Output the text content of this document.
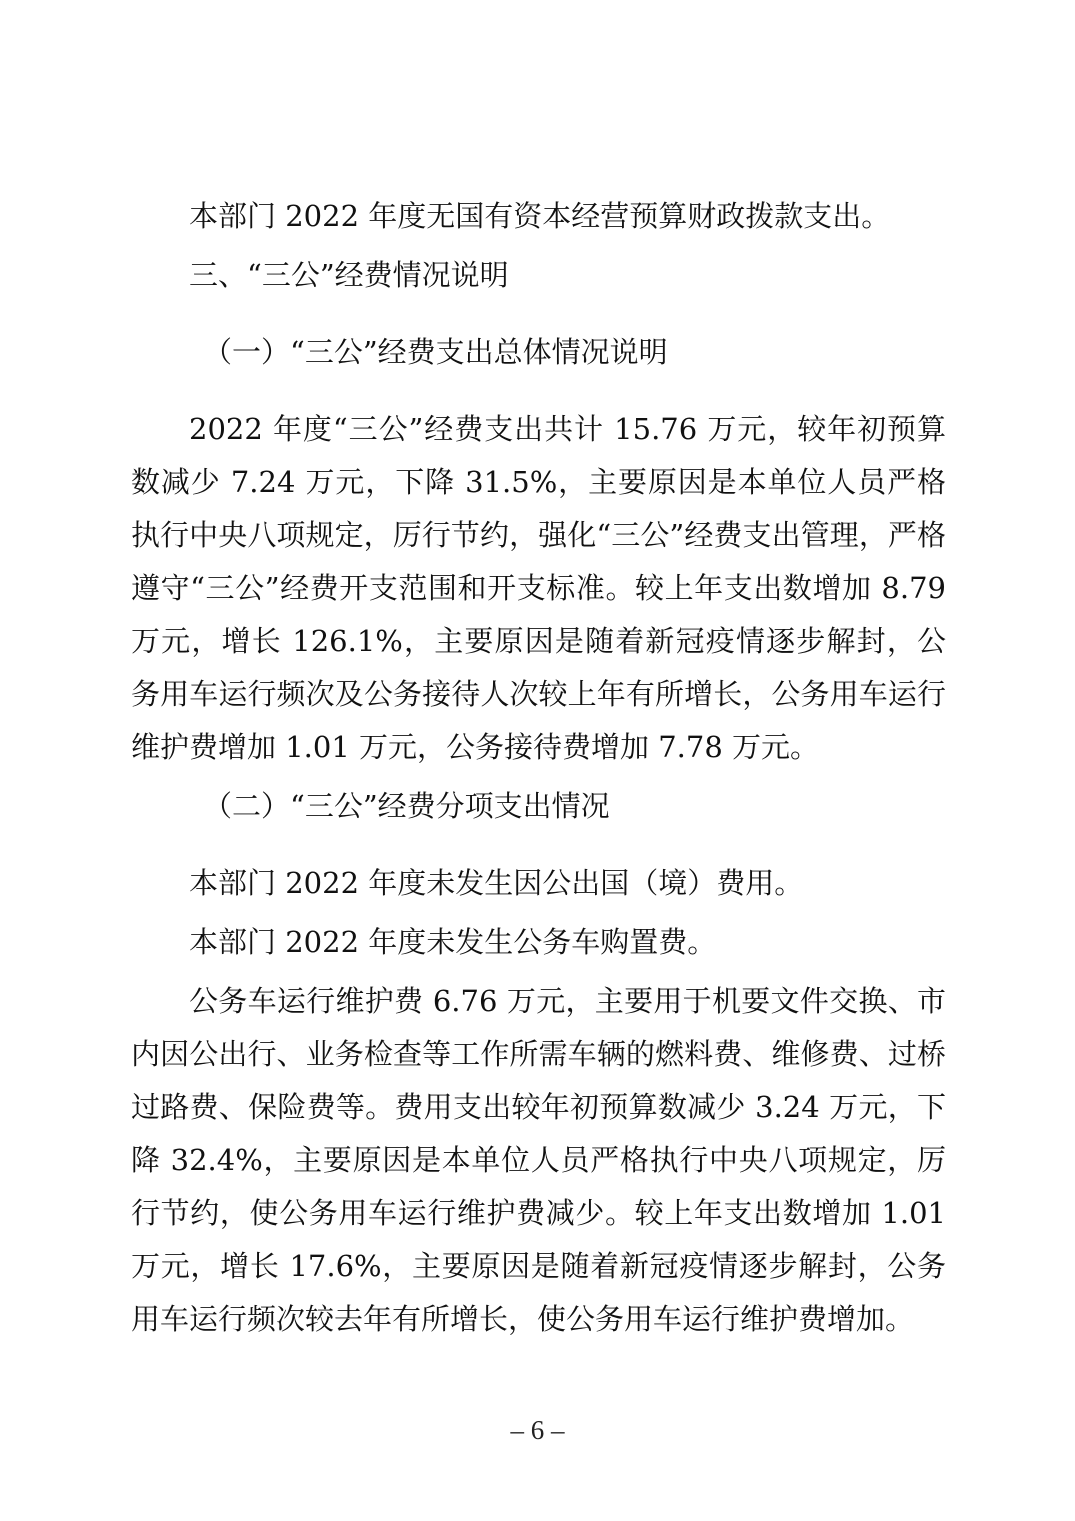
本部门 2022 年度无国有资本经营预算财政拨款支出。

三、“三公”经费情况说明

（一）“三公”经费支出总体情况说明

2022 年度“三公”经费支出共计 15.76 万元，较年初预算数减少 7.24 万元，下降 31.5%，主要原因是本单位人员严格执行中央八项规定，厉行节约，强化“三公”经费支出管理，严格遵守“三公”经费开支范围和开支标准。较上年支出数增加 8.79 万元，增长 126.1%，主要原因是随着新冠疫情逐步解封，公务用车运行频次及公务接待人次较上年有所增长，公务用车运行维护费增加 1.01 万元，公务接待费增加 7.78 万元。

（二）“三公”经费分项支出情况

本部门 2022 年度未发生因公出国（境）费用。

本部门 2022 年度未发生公务车购置费。

公务车运行维护费 6.76 万元，主要用于机要文件交换、市内因公出行、业务检查等工作所需车辆的燃料费、维修费、过桥过路费、保险费等。费用支出较年初预算数减少 3.24 万元，下降 32.4%，主要原因是本单位人员严格执行中央八项规定，厉行节约，使公务用车运行维护费减少。较上年支出数增加 1.01 万元，增长 17.6%，主要原因是随着新冠疫情逐步解封，公务用车运行频次较去年有所增长，使公务用车运行维护费增加。

– 6 –
